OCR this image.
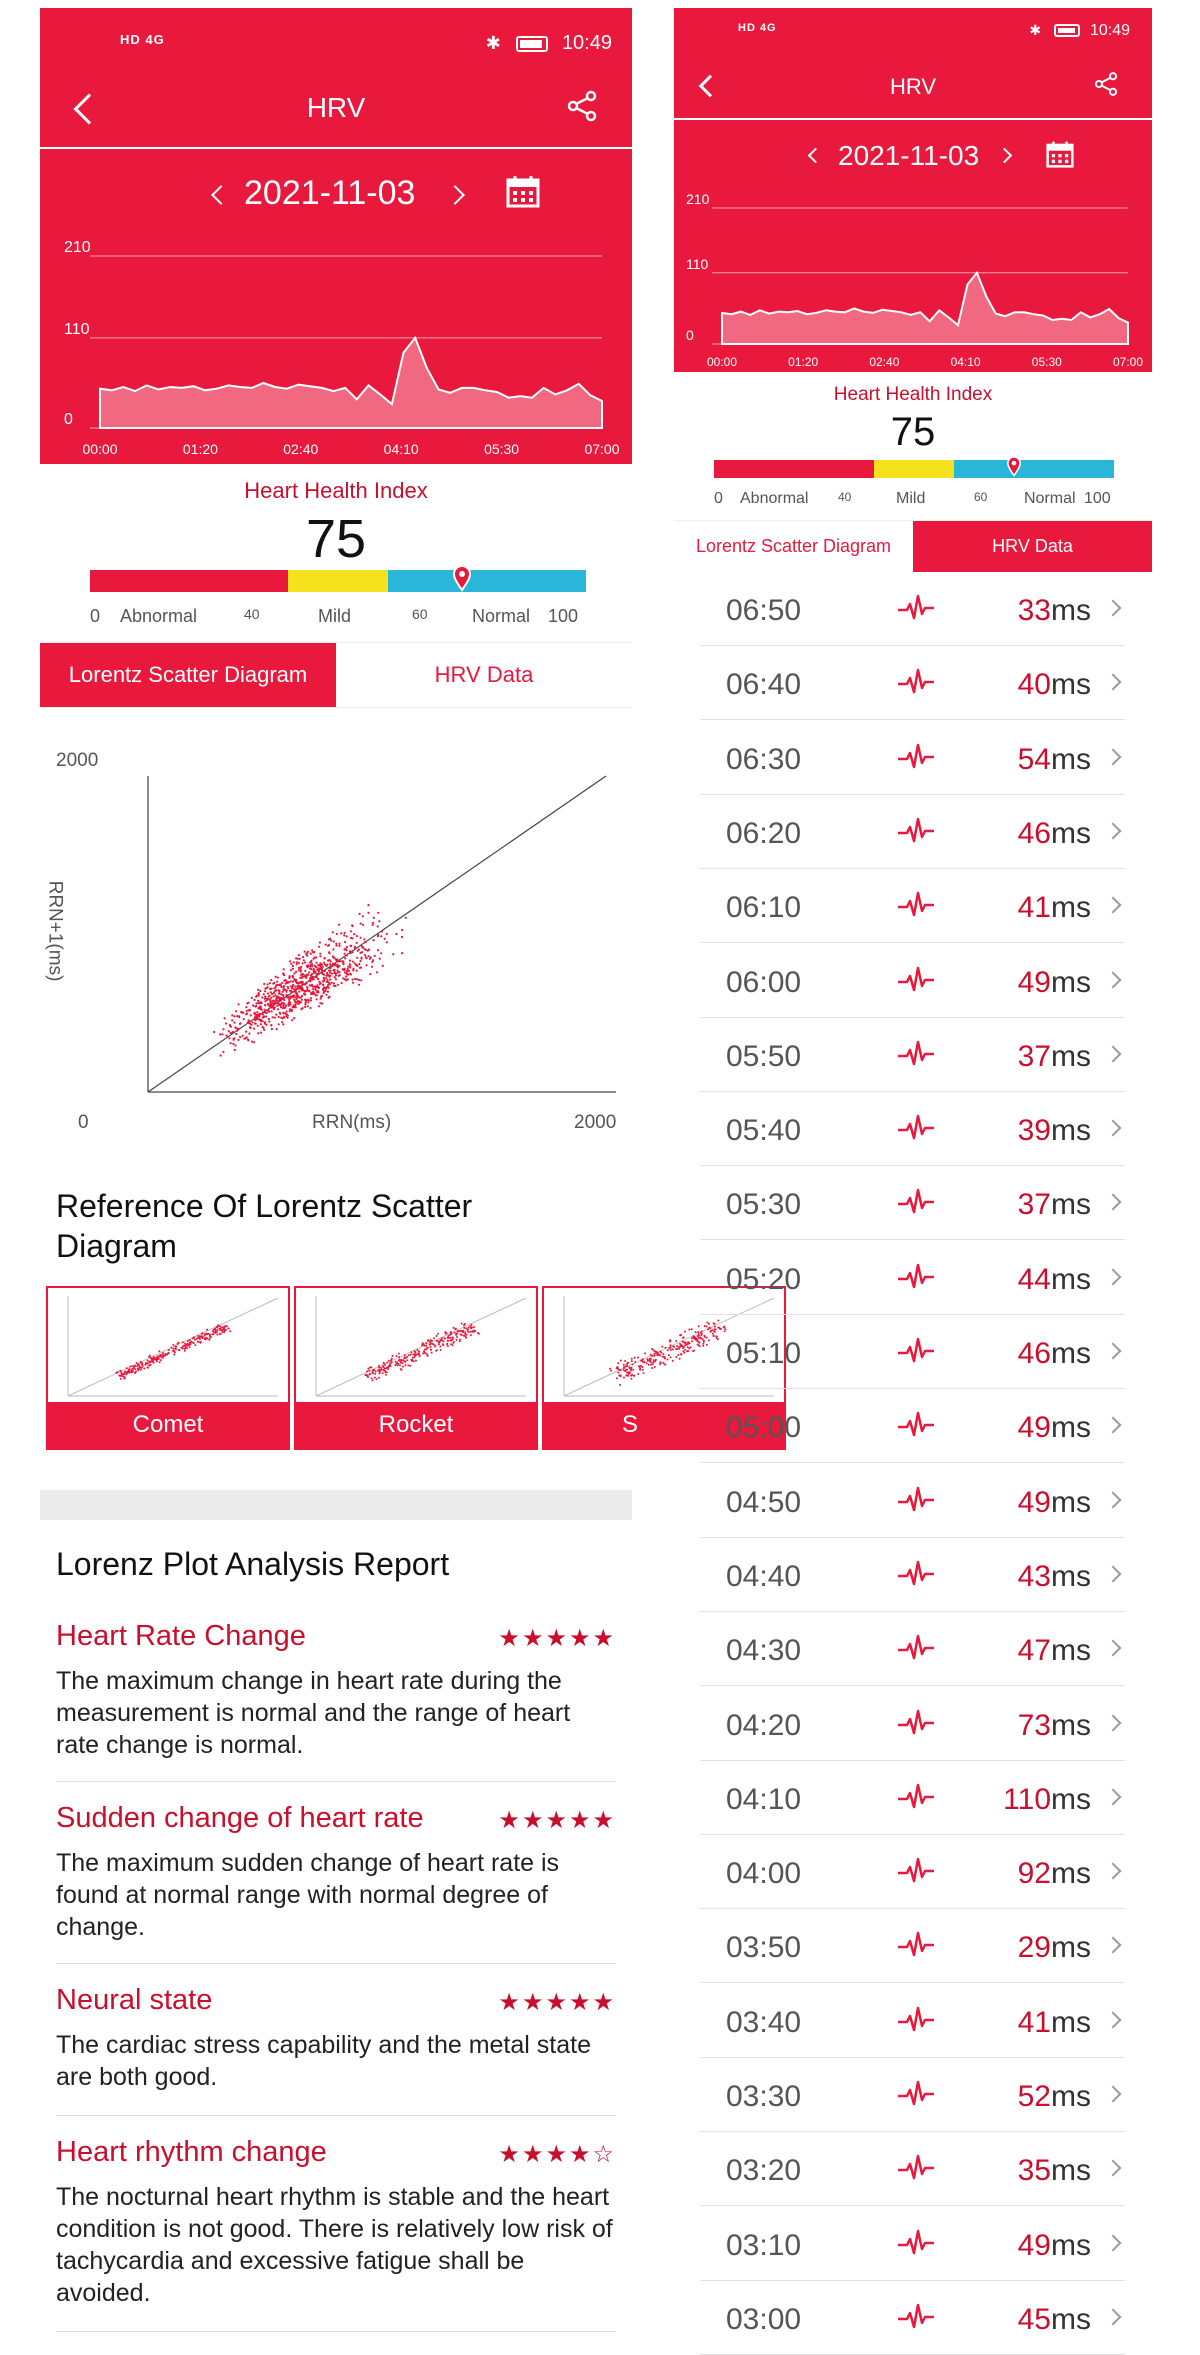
HD 4G	✱	10:49
HRV
2021-11-03
210
110
0
00:00	01:20	02:40	04:10	05:30	07:00
Heart Health Index
75
0 Abnormal	40	Mild	60 Normal 100
Lorentz Scatter Diagram	HRV Data
2000
0	2000
RRN+1(ms)
RRN(ms)
Reference Of Lorentz Scatter
Diagram
Comet	Rocket	S
Lorenz Plot Analysis Report
Heart Rate Change	★★★★★
The maximum change in heart rate during the measurement is normal and the range of heart rate change is normal.
Sudden change of heart rate	★★★★★
The maximum sudden change of heart rate is found at normal range with normal degree of change.
Neural state	★★★★★
The cardiac stress capability and the metal state are both good.
Heart rhythm change	★★★★☆
The nocturnal heart rhythm is stable and the heart condition is not good. There is relatively low risk of tachycardia and excessive fatigue shall be avoided.
HD 4G	✱	10:49
HRV
2021-11-03
210
110
0
00:00	01:20	02:40	04:10	05:30	07:00
Heart Health Index
75
0 Abnormal 40	Mild	60 Normal 100
Lorentz Scatter Diagram	HRV Data
06:50	33ms
06:40	40ms
06:30	54ms
06:20	46ms
06:10	41ms
06:00	49ms
05:50	37ms
05:40	39ms
05:30	37ms
05:20	44ms
05:10	46ms
05:00	49ms
04:50	49ms
04:40	43ms
04:30	47ms
04:20	73ms
04:10	110ms
04:00	92ms
03:50	29ms
03:40	41ms
03:30	52ms
03:20	35ms
03:10	49ms
03:00	45ms
